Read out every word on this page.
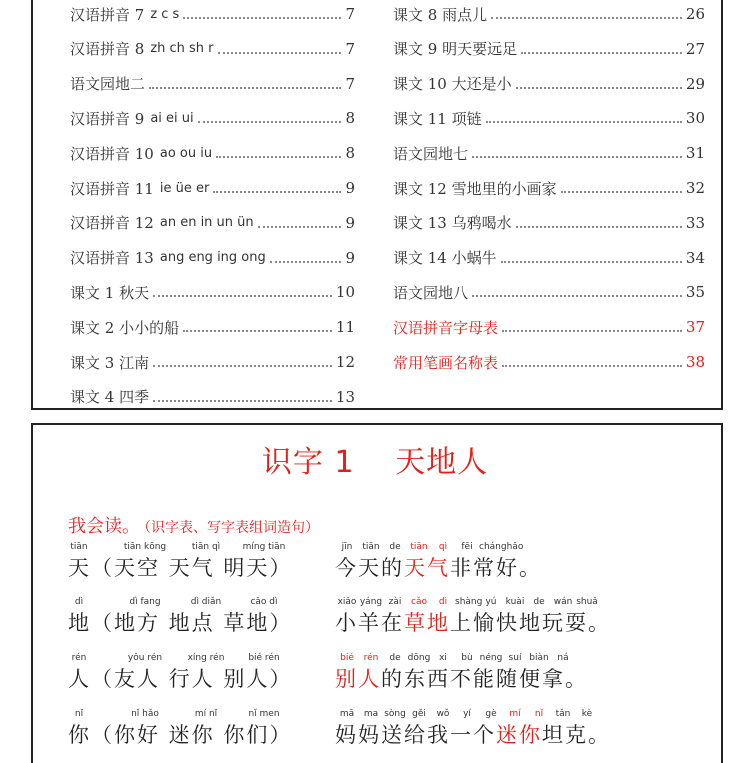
汉语拼音 7 z c s	7
汉语拼音 8 zh ch sh r	7
语文园地二	7
汉语拼音 9 ai ei ui	8
汉语拼音 10 ao ou iu	8
汉语拼音 11 ie üe er	9
汉语拼音 12 an en in un ün	9
汉语拼音 13 ang eng ing ong	9
课文 1 秋天	10
课文 2 小小的船	11
课文 3 江南	12
课文 4 四季	13
课文 8 雨点儿	26
课文 9 明天要远足	27
课文 10 大还是小	29
课文 11 项链	30
语文园地七	31
课文 12 雪地里的小画家	32
课文 13 乌鸦喝水	33
课文 14 小蜗牛	34
语文园地八	35
汉语拼音字母表	37
常用笔画名称表	38
识字 1 天地人
我会读。 （识字表、写字表组词造句）
天（天空 天气 明天）
tiān	tiān kōng	tiān qì	míng tiān
今天的天气非常好。
jīn	tiān	de	tiān	qì	fēi cháng hǎo
地（地方 地点 草地）
dì	dì fang	dì diǎn	cǎo dì
小羊在草地上愉快地玩耍。
xiǎo yáng zài	cǎo	dì shàng yú	kuài	de	wán shuǎ
人（友人 行人 别人）
rén	yǒu rén	xíng rén	bié rén
别人的东西不能随便拿。
bié	rén	de dōng xi	bù néng suí biàn ná
你（你好 迷你 你们）
nǐ	nǐ hǎo	mí nǐ	nǐ men
妈妈送给我一个迷你坦克。
mā	ma sòng gěi	wǒ	yí	gè	mí	nǐ	tǎn	kè
